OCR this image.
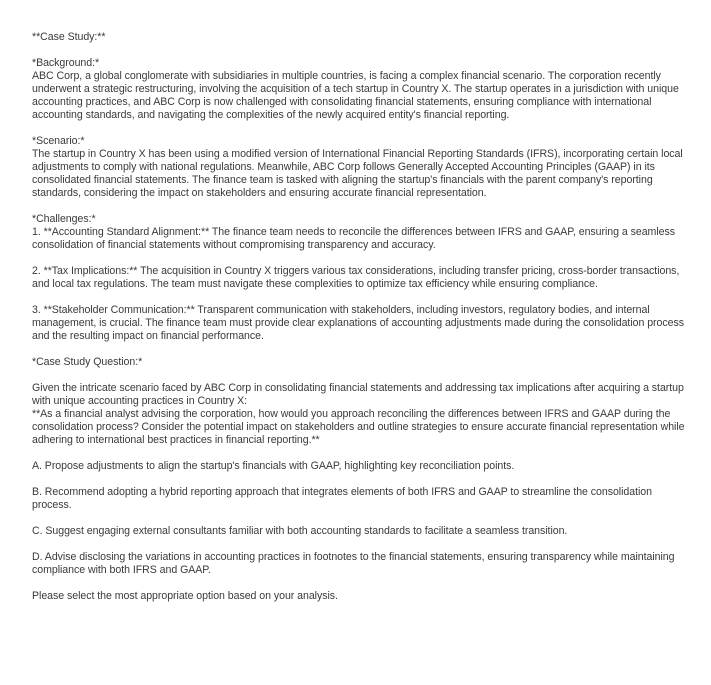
**Case Study:**

*Background:*

ABC Corp, a global conglomerate with subsidiaries in multiple countries, is facing a complex financial scenario. The corporation recently underwent a strategic restructuring, involving the acquisition of a tech startup in Country X. The startup operates in a jurisdiction with unique accounting practices, and ABC Corp is now challenged with consolidating financial statements, ensuring compliance with international accounting standards, and navigating the complexities of the newly acquired entity's financial reporting.

*Scenario:*

The startup in Country X has been using a modified version of International Financial Reporting Standards (IFRS), incorporating certain local adjustments to comply with national regulations. Meanwhile, ABC Corp follows Generally Accepted Accounting Principles (GAAP) in its consolidated financial statements. The finance team is tasked with aligning the startup's financials with the parent company's reporting standards, considering the impact on stakeholders and ensuring accurate financial representation.

*Challenges:*

1. **Accounting Standard Alignment:** The finance team needs to reconcile the differences between IFRS and GAAP, ensuring a seamless consolidation of financial statements without compromising transparency and accuracy.

2. **Tax Implications:** The acquisition in Country X triggers various tax considerations, including transfer pricing, cross-border transactions, and local tax regulations. The team must navigate these complexities to optimize tax efficiency while ensuring compliance.

3. **Stakeholder Communication:** Transparent communication with stakeholders, including investors, regulatory bodies, and internal management, is crucial. The finance team must provide clear explanations of accounting adjustments made during the consolidation process and the resulting impact on financial performance.

*Case Study Question:*

Given the intricate scenario faced by ABC Corp in consolidating financial statements and addressing tax implications after acquiring a startup with unique accounting practices in Country X:

**As a financial analyst advising the corporation, how would you approach reconciling the differences between IFRS and GAAP during the consolidation process? Consider the potential impact on stakeholders and outline strategies to ensure accurate financial representation while adhering to international best practices in financial reporting.**

A. Propose adjustments to align the startup's financials with GAAP, highlighting key reconciliation points.

B. Recommend adopting a hybrid reporting approach that integrates elements of both IFRS and GAAP to streamline the consolidation process.

C. Suggest engaging external consultants familiar with both accounting standards to facilitate a seamless transition.

D. Advise disclosing the variations in accounting practices in footnotes to the financial statements, ensuring transparency while maintaining compliance with both IFRS and GAAP.

Please select the most appropriate option based on your analysis.
